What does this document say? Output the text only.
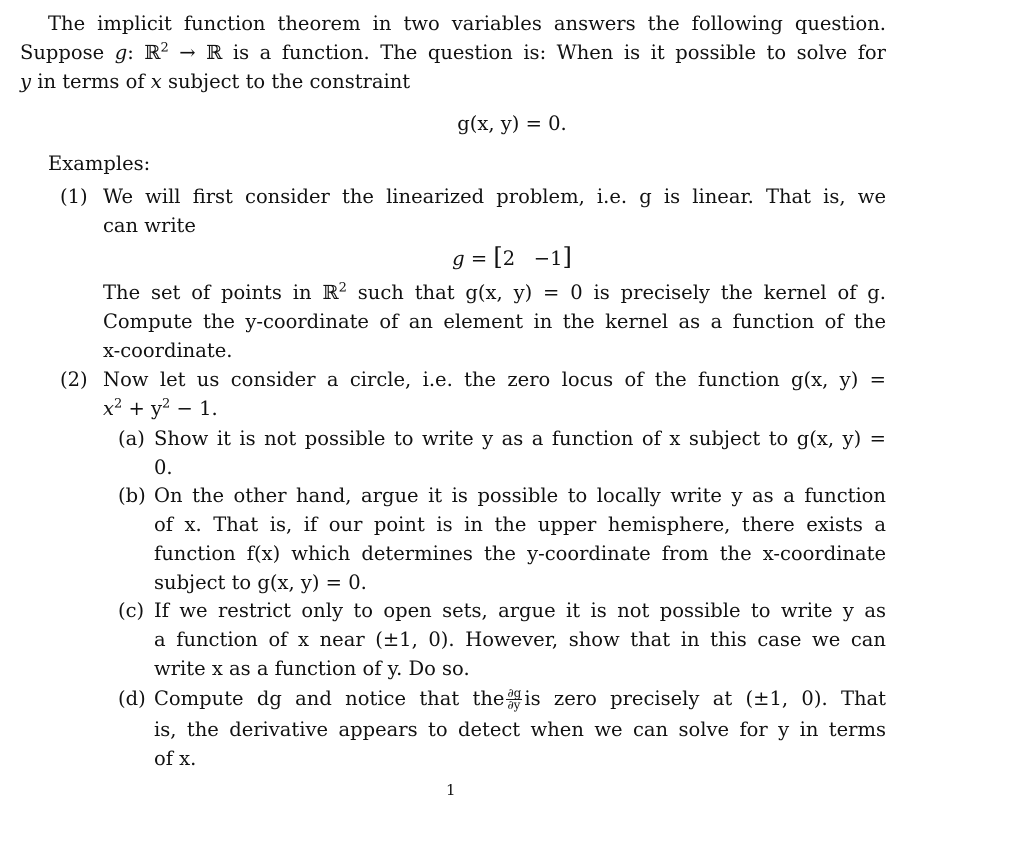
The implicit function theorem in two variables answers the following question.
Suppose g: ℝ$^2$ → ℝ is a function. The question is: When is it possible to solve for
y in terms of x subject to the constraint
g(x, y) = 0.
Examples:
(1) We will first consider the linearized problem, i.e. g is linear. That is, we
can write
g = [2   −1]
The set of points in ℝ$^2$ such that g(x, y) = 0 is precisely the kernel of g.
Compute the y-coordinate of an element in the kernel as a function of the
x-coordinate.
(2) Now let us consider a circle, i.e. the zero locus of the function g(x, y) =
$x^2 + y^2 - 1$.
(a) Show it is not possible to write y as a function of x subject to g(x, y) =
0.
(b) On the other hand, argue it is possible to locally write y as a function
of x. That is, if our point is in the upper hemisphere, there exists a
function f(x) which determines the y-coordinate from the x-coordinate
subject to g(x, y) = 0.
(c) If we restrict only to open sets, argue it is not possible to write y as
a function of x near (±1, 0). However, show that in this case we can
write x as a function of y. Do so.
(d) Compute dg and notice that the $\frac{\partial g}{\partial y}$ is zero precisely at (±1, 0). That
is, the derivative appears to detect when we can solve for y in terms
of x.
1
